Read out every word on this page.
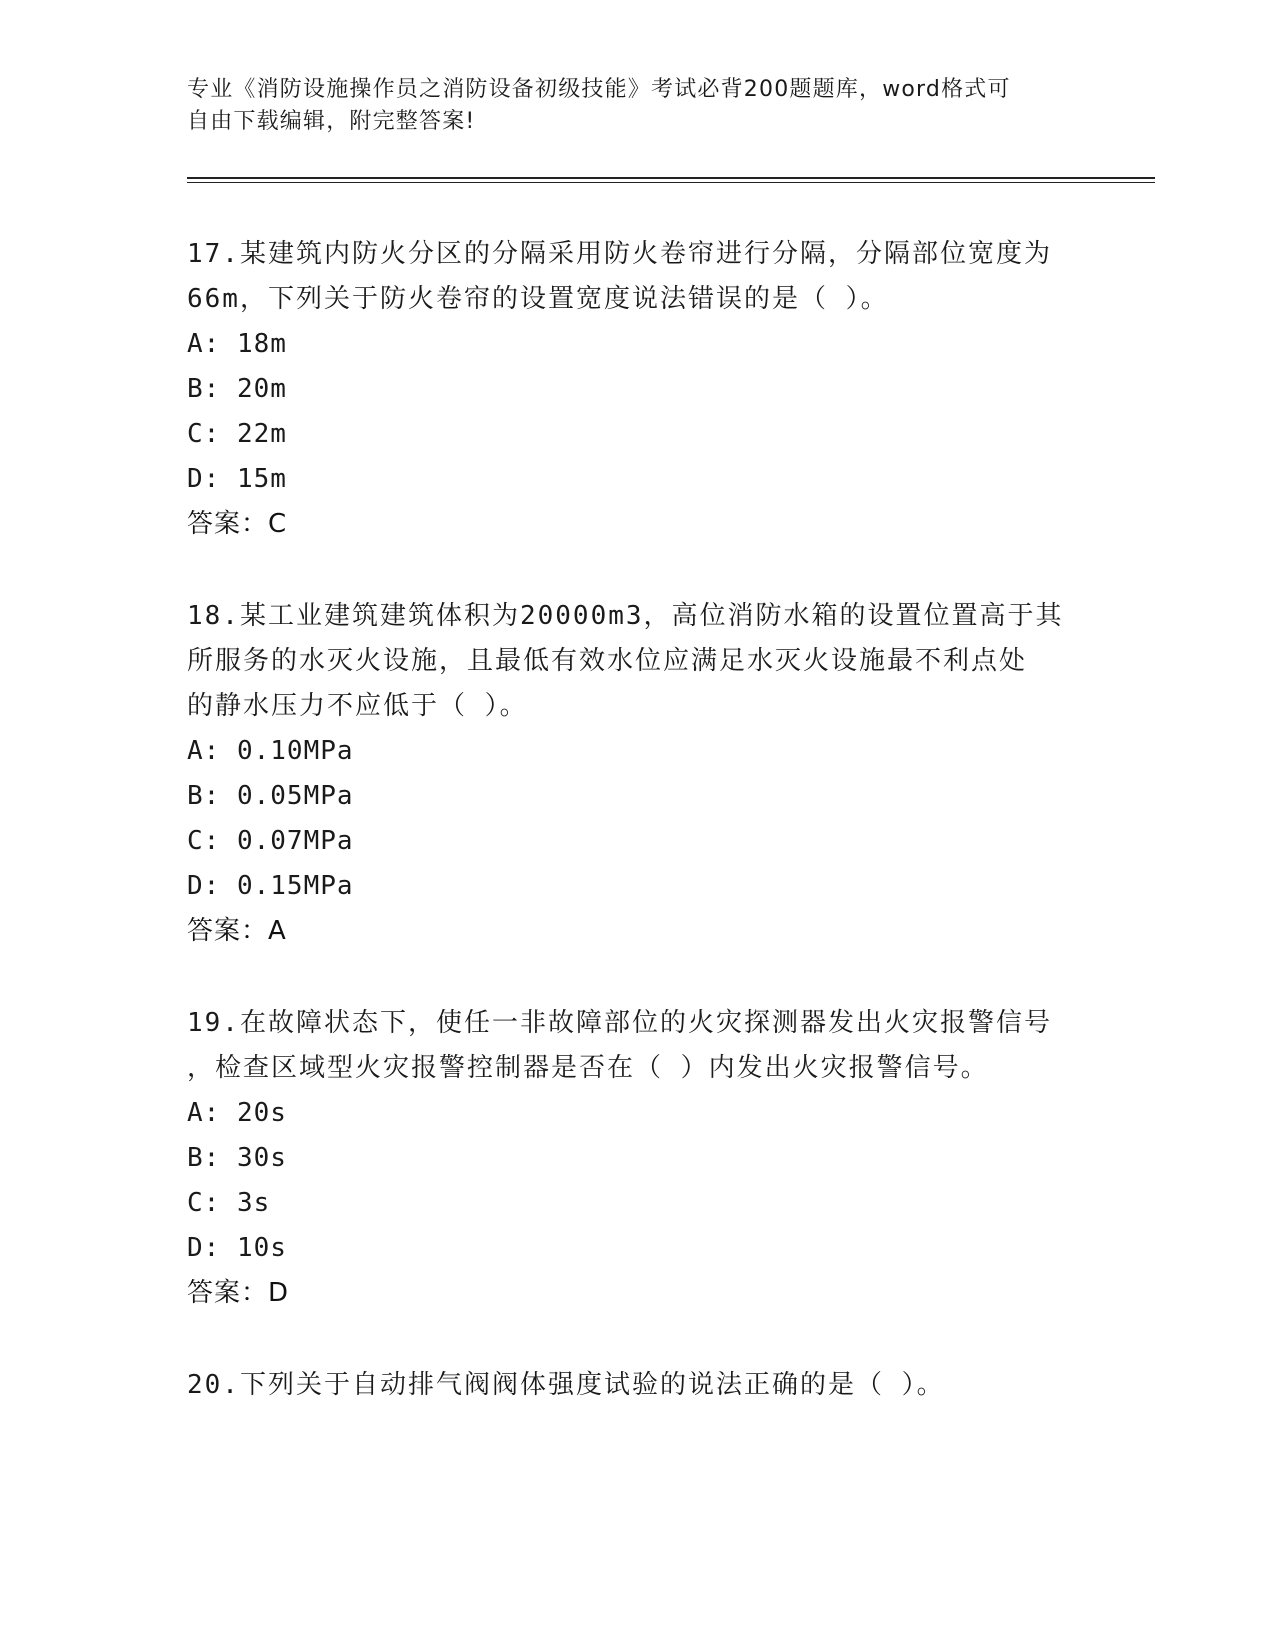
专业《消防设施操作员之消防设备初级技能》考试必背200题题库，word格式可
自由下载编辑，附完整答案!
17.某建筑内防火分区的分隔采用防火卷帘进行分隔，分隔部位宽度为
66m，下列关于防火卷帘的设置宽度说法错误的是（ ）。
A: 18m
B: 20m
C: 22m
D: 15m
答案：C
18.某工业建筑建筑体积为20000m3，高位消防水箱的设置位置高于其
所服务的水灭火设施，且最低有效水位应满足水灭火设施最不利点处
的静水压力不应低于（ ）。
A: 0.10MPa
B: 0.05MPa
C: 0.07MPa
D: 0.15MPa
答案：A
19.在故障状态下，使任一非故障部位的火灾探测器发出火灾报警信号
，检查区域型火灾报警控制器是否在（ ）内发出火灾报警信号。
A: 20s
B: 30s
C: 3s
D: 10s
答案：D
20.下列关于自动排气阀阀体强度试验的说法正确的是（ ）。
